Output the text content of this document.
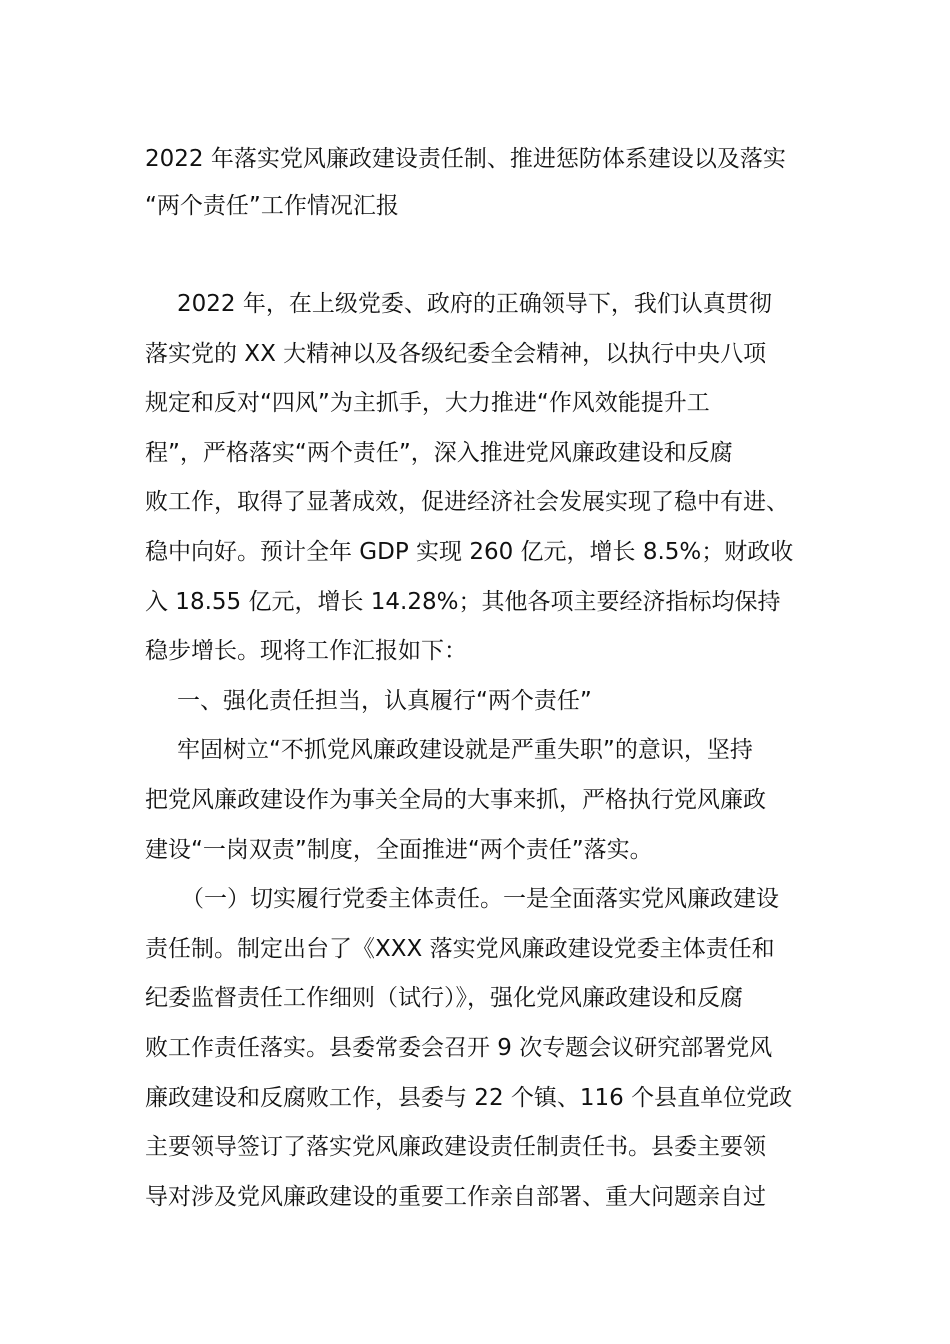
2022 年落实党风廉政建设责任制、推进惩防体系建设以及落实
“两个责任”工作情况汇报
2022 年，在上级党委、政府的正确领导下，我们认真贯彻
落实党的 XX 大精神以及各级纪委全会精神，以执行中央八项
规定和反对“四风”为主抓手，大力推进“作风效能提升工
程”，严格落实“两个责任”，深入推进党风廉政建设和反腐
败工作，取得了显著成效，促进经济社会发展实现了稳中有进、
稳中向好。预计全年 GDP 实现 260 亿元，增长 8.5%；财政收
入 18.55 亿元，增长 14.28%；其他各项主要经济指标均保持
稳步增长。现将工作汇报如下：
一、强化责任担当，认真履行“两个责任”
牢固树立“不抓党风廉政建设就是严重失职”的意识，坚持
把党风廉政建设作为事关全局的大事来抓，严格执行党风廉政
建设“一岗双责”制度，全面推进“两个责任”落实。
（一）切实履行党委主体责任。一是全面落实党风廉政建设
责任制。制定出台了《XXX 落实党风廉政建设党委主体责任和
纪委监督责任工作细则（试行）》，强化党风廉政建设和反腐
败工作责任落实。县委常委会召开 9 次专题会议研究部署党风
廉政建设和反腐败工作，县委与 22 个镇、116 个县直单位党政
主要领导签订了落实党风廉政建设责任制责任书。县委主要领
导对涉及党风廉政建设的重要工作亲自部署、重大问题亲自过
